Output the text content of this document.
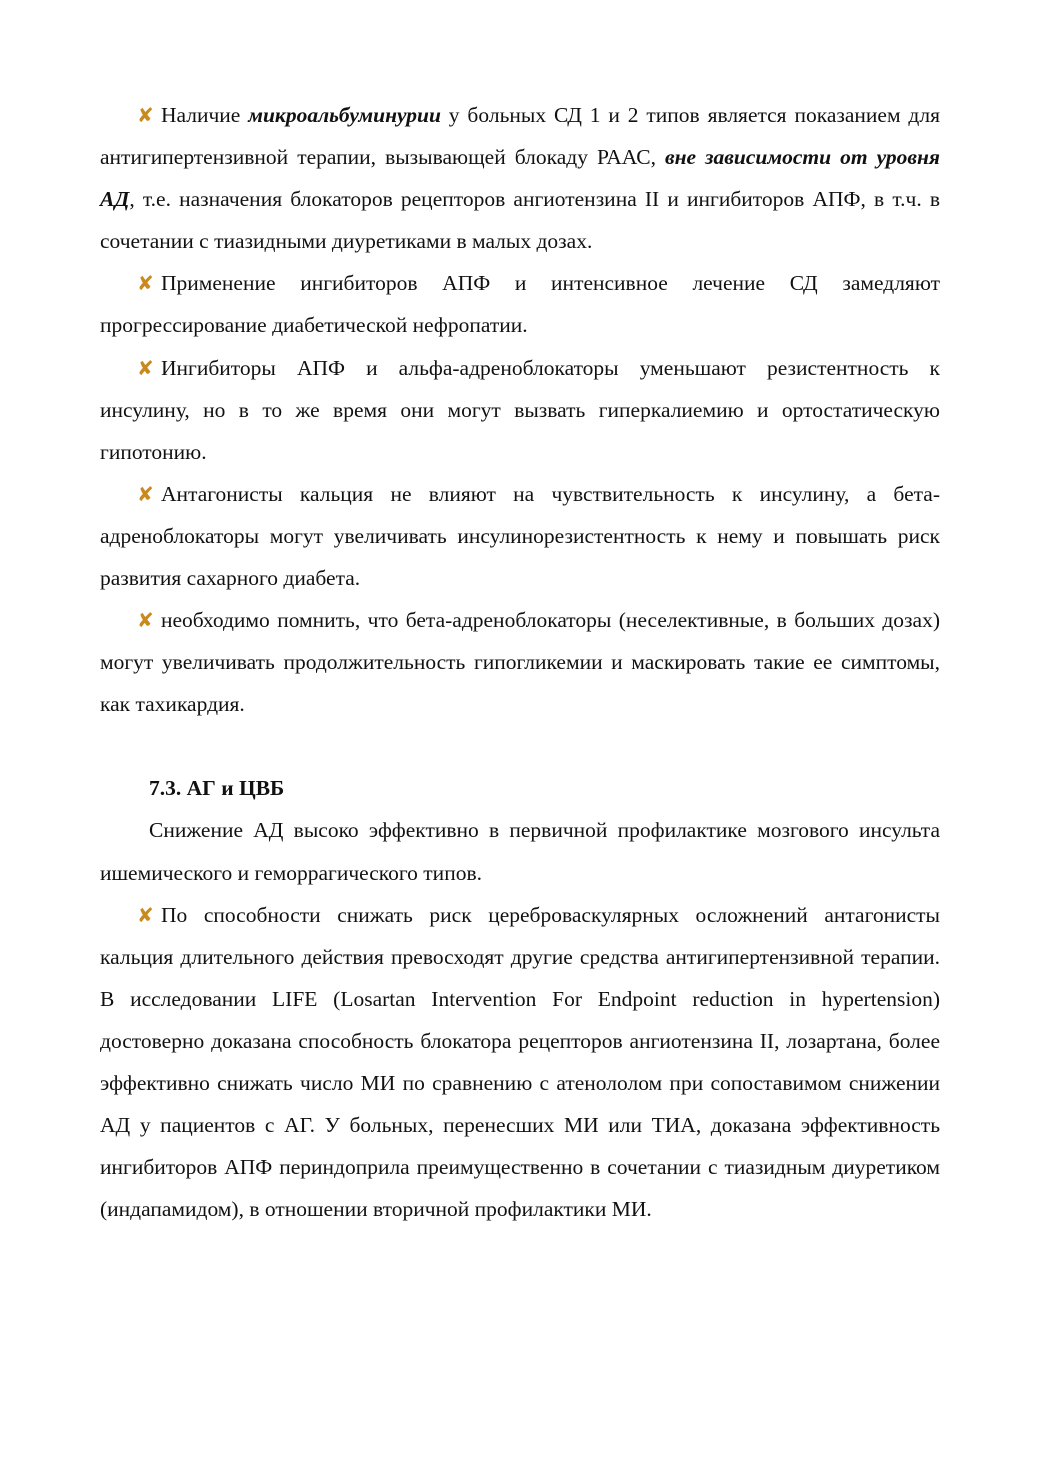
✘ Наличие микроальбуминурии у больных СД 1 и 2 типов является показанием для антигипертензивной терапии, вызывающей блокаду РААС, вне зависимости от уровня АД, т.е. назначения блокаторов рецепторов ангиотензина II и ингибиторов АПФ, в т.ч. в сочетании с тиазидными диуретиками в малых дозах.

✘ Применение ингибиторов АПФ и интенсивное лечение СД замедляют прогрессирование диабетической нефропатии.

✘ Ингибиторы АПФ и альфа-адреноблокаторы уменьшают резистентность к инсулину, но в то же время они могут вызвать гиперкалиемию и ортостатическую гипотонию.

✘ Антагонисты кальция не влияют на чувствительность к инсулину, а бета-адреноблокаторы могут увеличивать инсулинорезистентность к нему и повышать риск развития сахарного диабета.

✘ необходимо помнить, что бета-адреноблокаторы (неселективные, в больших дозах) могут увеличивать продолжительность гипогликемии и маскировать такие ее симптомы, как тахикардия.

7.3. АГ и ЦВБ

Снижение АД высоко эффективно в первичной профилактике мозгового инсульта ишемического и геморрагического типов.

✘ По способности снижать риск цереброваскулярных осложнений антагонисты кальция длительного действия превосходят другие средства антигипертензивной терапии. В исследовании LIFE (Losartan Intervention For Endpoint reduction in hypertension) достоверно доказана способность блокатора рецепторов ангиотензина II, лозартана, более эффективно снижать число МИ по сравнению с атенололом при сопоставимом снижении АД у пациентов с АГ. У больных, перенесших МИ или ТИА, доказана эффективность ингибиторов АПФ периндоприла преимущественно в сочетании с тиазидным диуретиком (индапамидом), в отношении вторичной профилактики МИ.
